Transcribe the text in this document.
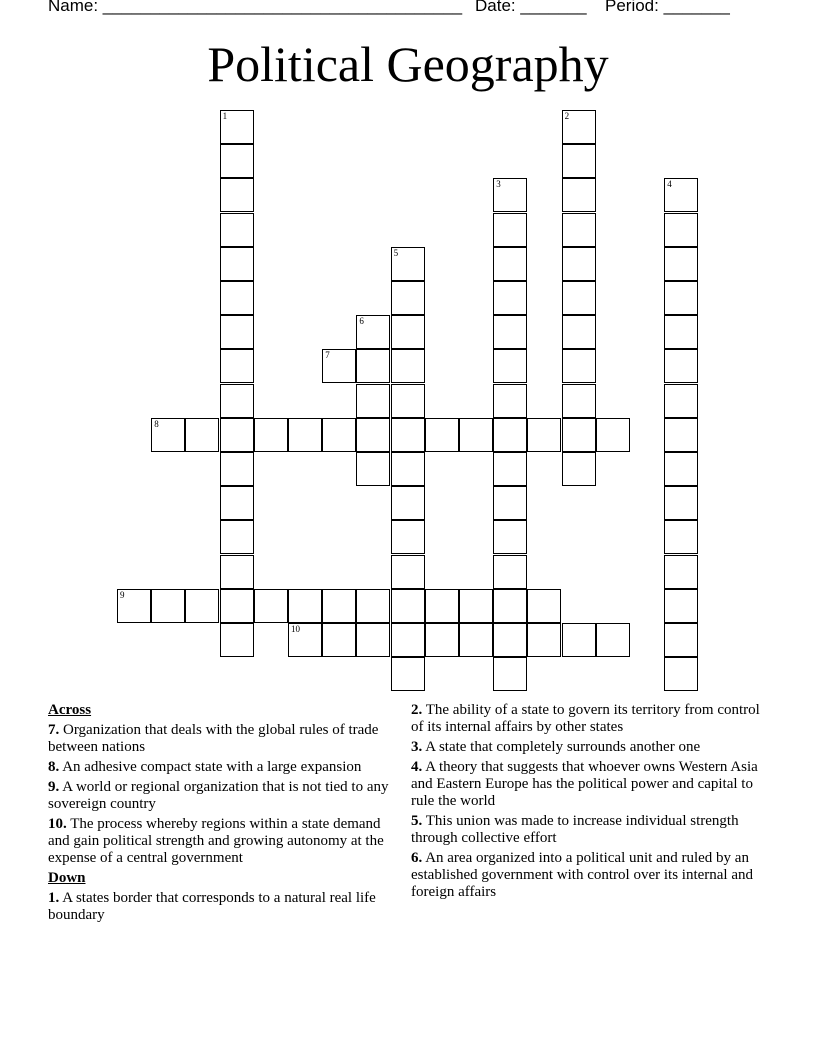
Name: ______________________________________ Date: _______ Period: _______
Political Geography
1	2
3	4
5
6
7
8
9
10
Across
7. Organization that deals with the global rules of trade between nations
8. An adhesive compact state with a large expansion
9. A world or regional organization that is not tied to any sovereign country
10. The process whereby regions within a state demand and gain political strength and growing autonomy at the expense of a central government
Down
1. A states border that corresponds to a natural real life boundary
2. The ability of a state to govern its territory from control of its internal affairs by other states
3. A state that completely surrounds another one
4. A theory that suggests that whoever owns Western Asia and Eastern Europe has the political power and capital to rule the world
5. This union was made to increase individual strength through collective effort
6. An area organized into a political unit and ruled by an established government with control over its internal and foreign affairs
